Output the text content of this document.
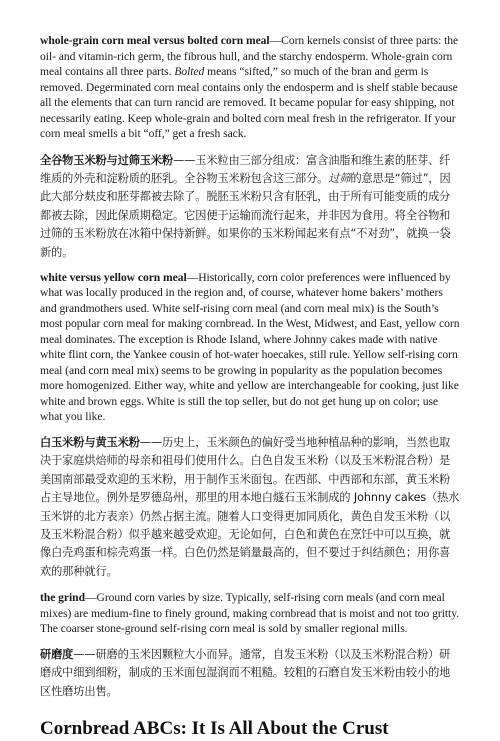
whole-grain corn meal versus bolted corn meal—Corn kernels consist of three parts: the oil- and vitamin-rich germ, the fibrous hull, and the starchy endosperm. Whole-grain corn meal contains all three parts. Bolted means “sifted,” so much of the bran and germ is removed. Degerminated corn meal contains only the endosperm and is shelf stable because all the elements that can turn rancid are removed. It became popular for easy shipping, not necessarily eating. Keep whole-grain and bolted corn meal fresh in the refrigerator. If your corn meal smells a bit “off,” get a fresh sack.

全谷物玉米粉与过筛玉米粉——玉米粒由三部分组成：富含油脂和维生素的胚芽、纤维质的外壳和淀粉质的胚乳。全谷物玉米粉包含这三部分。过筛的意思是“筛过”，因此大部分麸皮和胚芽都被去除了。脱胚玉米粉只含有胚乳，由于所有可能变质的成分都被去除，因此保质期稳定。它因便于运输而流行起来，并非因为食用。将全谷物和过筛的玉米粉放在冰箱中保持新鲜。如果你的玉米粉闻起来有点“不对劲”，就换一袋新的。

white versus yellow corn meal—Historically, corn color preferences were influenced by what was locally produced in the region and, of course, whatever home bakers’ mothers and grandmothers used. White self-rising corn meal (and corn meal mix) is the South’s most popular corn meal for making cornbread. In the West, Midwest, and East, yellow corn meal dominates. The exception is Rhode Island, where Johnny cakes made with native white flint corn, the Yankee cousin of hot-water hoecakes, still rule. Yellow self-rising corn meal (and corn meal mix) seems to be growing in popularity as the population becomes more homogenized. Either way, white and yellow are interchangeable for cooking, just like white and brown eggs. White is still the top seller, but do not get hung up on color; use what you like.

白玉米粉与黄玉米粉——历史上，玉米颜色的偏好受当地种植品种的影响，当然也取决于家庭烘焙师的母亲和祖母们使用什么。白色自发玉米粉（以及玉米粉混合粉）是美国南部最受欢迎的玉米粉，用于制作玉米面包。在西部、中西部和东部，黄玉米粉占主导地位。例外是罗德岛州，那里的用本地白燧石玉米制成的 Johnny cakes（热水玉米饼的北方表亲）仍然占据主流。随着人口变得更加同质化，黄色自发玉米粉（以及玉米粉混合粉）似乎越来越受欢迎。无论如何，白色和黄色在烹饪中可以互换，就像白壳鸡蛋和棕壳鸡蛋一样。白色仍然是销量最高的，但不要过于纠结颜色；用你喜欢的那种就行。

the grind—Ground corn varies by size. Typically, self-rising corn meals (and corn meal mixes) are medium-fine to finely ground, making cornbread that is moist and not too gritty. The coarser stone-ground self-rising corn meal is sold by smaller regional mills.

研磨度——研磨的玉米因颗粒大小而异。通常，自发玉米粉（以及玉米粉混合粉）研磨成中细到细粉，制成的玉米面包湿润而不粗糙。较粗的石磨自发玉米粉由较小的地区性磨坊出售。

Cornbread ABCs: It Is All About the Crust
